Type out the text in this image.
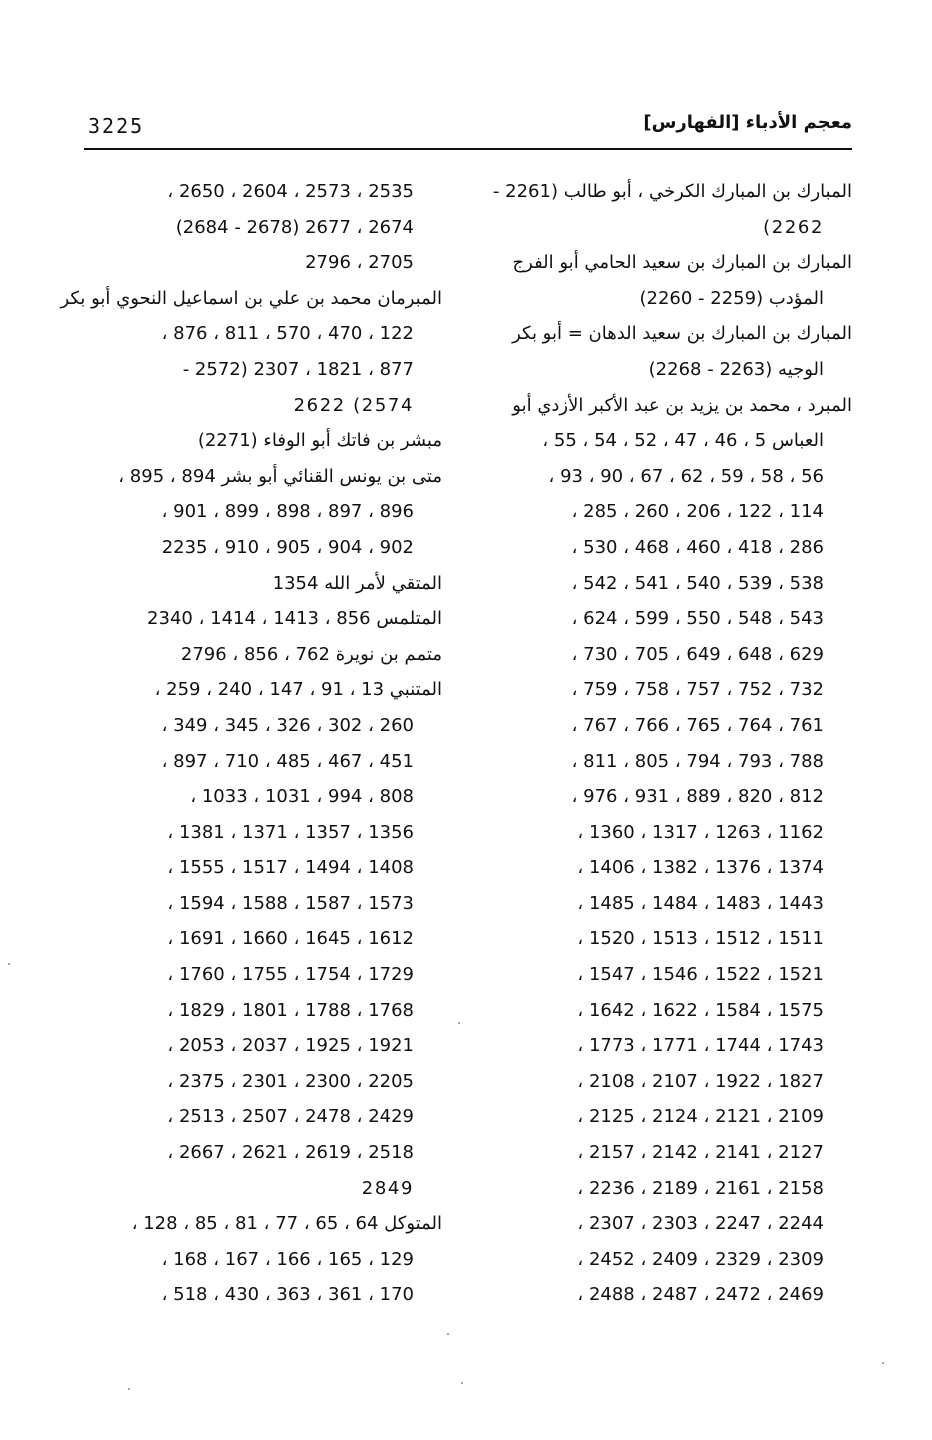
3225	معجم الأدباء [الفهارس]
المبارك بن المبارك الكرخي ، أبو طالب (2261 -
2262)
المبارك بن المبارك بن سعيد الحامي أبو الفرج
المؤدب (2259 - 2260)
المبارك بن المبارك بن سعيد الدهان = أبو بكر
الوجيه (2263 - 2268)
المبرد ، محمد بن يزيد بن عبد الأكبر الأزدي أبو
العباس 5 ، 46 ، 47 ، 52 ، 54 ، 55 ،
56 ، 58 ، 59 ، 62 ، 67 ، 90 ، 93 ،
114 ، 122 ، 206 ، 260 ، 285 ،
286 ، 418 ، 460 ، 468 ، 530 ،
538 ، 539 ، 540 ، 541 ، 542 ،
543 ، 548 ، 550 ، 599 ، 624 ،
629 ، 648 ، 649 ، 705 ، 730 ،
732 ، 752 ، 757 ، 758 ، 759 ،
761 ، 764 ، 765 ، 766 ، 767 ،
788 ، 793 ، 794 ، 805 ، 811 ،
812 ، 820 ، 889 ، 931 ، 976 ،
1162 ، 1263 ، 1317 ، 1360 ،
1374 ، 1376 ، 1382 ، 1406 ،
1443 ، 1483 ، 1484 ، 1485 ،
1511 ، 1512 ، 1513 ، 1520 ،
1521 ، 1522 ، 1546 ، 1547 ،
1575 ، 1584 ، 1622 ، 1642 ،
1743 ، 1744 ، 1771 ، 1773 ،
1827 ، 1922 ، 2107 ، 2108 ،
2109 ، 2121 ، 2124 ، 2125 ،
2127 ، 2141 ، 2142 ، 2157 ،
2158 ، 2161 ، 2189 ، 2236 ،
2244 ، 2247 ، 2303 ، 2307 ،
2309 ، 2329 ، 2409 ، 2452 ،
2469 ، 2472 ، 2487 ، 2488 ،
2535 ، 2573 ، 2604 ، 2650 ،
2674 ، 2677 (2678 - 2684)
2705 ، 2796
المبرمان محمد بن علي بن اسماعيل النحوي أبو بكر
122 ، 470 ، 570 ، 811 ، 876 ،
877 ، 1821 ، 2307 (2572 -
2574) 2622
مبشر بن فاتك أبو الوفاء (2271)
متى بن يونس القنائي أبو بشر 894 ، 895 ،
896 ، 897 ، 898 ، 899 ، 901 ،
902 ، 904 ، 905 ، 910 ، 2235
المتقي لأمر الله 1354
المتلمس 856 ، 1413 ، 1414 ، 2340
متمم بن نويرة 762 ، 856 ، 2796
المتنبي 13 ، 91 ، 147 ، 240 ، 259 ،
260 ، 302 ، 326 ، 345 ، 349 ،
451 ، 467 ، 485 ، 710 ، 897 ،
808 ، 994 ، 1031 ، 1033 ،
1356 ، 1357 ، 1371 ، 1381 ،
1408 ، 1494 ، 1517 ، 1555 ،
1573 ، 1587 ، 1588 ، 1594 ،
1612 ، 1645 ، 1660 ، 1691 ،
1729 ، 1754 ، 1755 ، 1760 ،
1768 ، 1788 ، 1801 ، 1829 ،
1921 ، 1925 ، 2037 ، 2053 ،
2205 ، 2300 ، 2301 ، 2375 ،
2429 ، 2478 ، 2507 ، 2513 ،
2518 ، 2619 ، 2621 ، 2667 ،
2849
المتوكل 64 ، 65 ، 77 ، 81 ، 85 ، 128 ،
129 ، 165 ، 166 ، 167 ، 168 ،
170 ، 361 ، 363 ، 430 ، 518 ،
